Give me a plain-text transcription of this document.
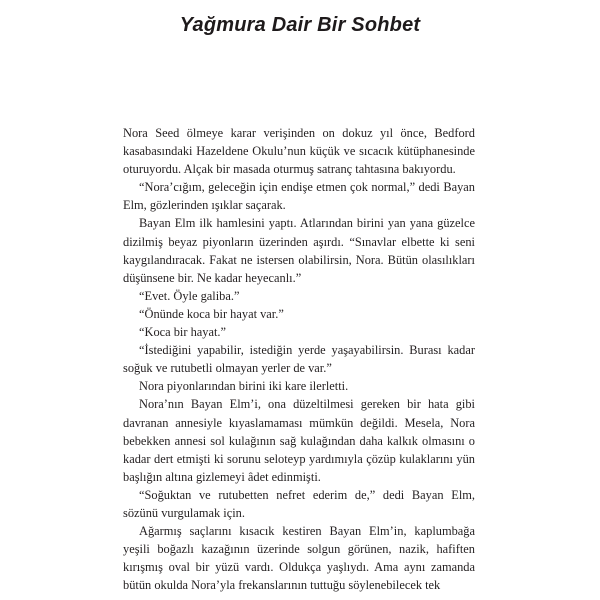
Yağmura Dair Bir Sohbet

Nora Seed ölmeye karar verişinden on dokuz yıl önce, Bedford kasabasındaki Hazeldene Okulu’nun küçük ve sıcacık kütüphanesinde oturuyordu. Alçak bir masada oturmuş satranç tahtasına bakıyordu.

“Nora’cığım, geleceğin için endişe etmen çok normal,” dedi Bayan Elm, gözlerinden ışıklar saçarak.

Bayan Elm ilk hamlesini yaptı. Atlarından birini yan yana güzelce dizilmiş beyaz piyonların üzerinden aşırdı. “Sınavlar elbette ki seni kaygılandıracak. Fakat ne istersen olabilirsin, Nora. Bütün olasılıkları düşünsene bir. Ne kadar heyecanlı.”

“Evet. Öyle galiba.”

“Önünde koca bir hayat var.”

“Koca bir hayat.”

“İstediğini yapabilir, istediğin yerde yaşayabilirsin. Burası kadar soğuk ve rutubetli olmayan yerler de var.”

Nora piyonlarından birini iki kare ilerletti.

Nora’nın Bayan Elm’i, ona düzeltilmesi gereken bir hata gibi davranan annesiyle kıyaslamaması mümkün değildi. Mesela, Nora bebekken annesi sol kulağının sağ kulağından daha kalkık olmasını o kadar dert etmişti ki sorunu seloteyp yardımıyla çözüp kulaklarını yün başlığın altına gizlemeyi âdet edinmişti.

“Soğuktan ve rutubetten nefret ederim de,” dedi Bayan Elm, sözünü vurgulamak için.

Ağarmış saçlarını kısacık kestiren Bayan Elm’in, kaplumbağa yeşili boğazlı kazağının üzerinde solgun görünen, nazik, hafiften kırışmış oval bir yüzü vardı. Oldukça yaşlıydı. Ama aynı zamanda bütün okulda Nora’yla frekanslarının tuttuğu söylenebilecek tek
